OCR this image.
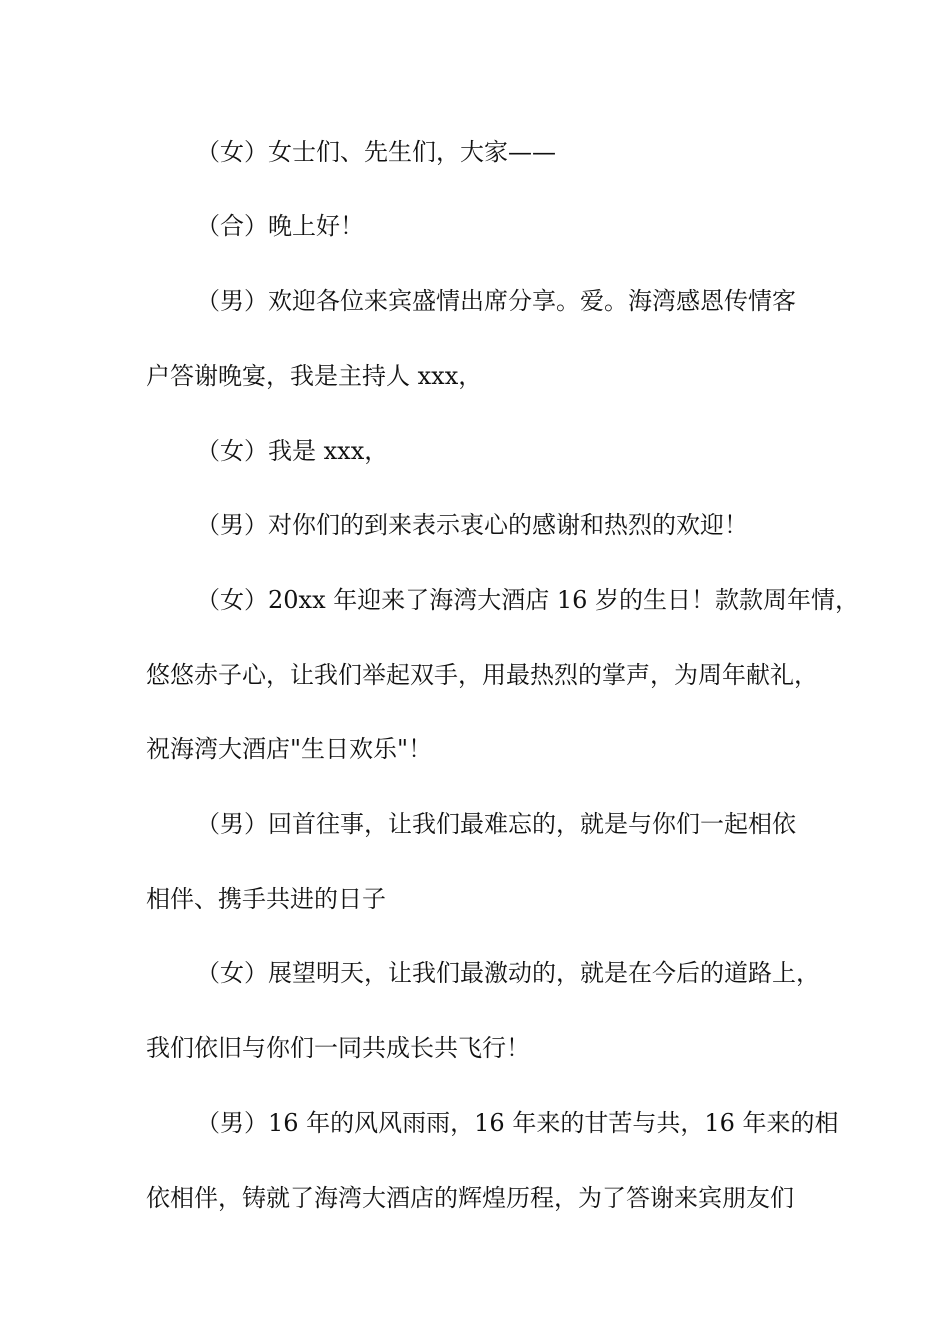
（女）女士们、先生们，大家——
（合）晚上好！
（男）欢迎各位来宾盛情出席分享。爱。海湾感恩传情客
户答谢晚宴，我是主持人 xxx，
（女）我是 xxx，
（男）对你们的到来表示衷心的感谢和热烈的欢迎！
（女）20xx 年迎来了海湾大酒店 16 岁的生日！款款周年情，
悠悠赤子心，让我们举起双手，用最热烈的掌声，为周年献礼，
祝海湾大酒店"生日欢乐"！
（男）回首往事，让我们最难忘的，就是与你们一起相依
相伴、携手共进的日子
（女）展望明天，让我们最激动的，就是在今后的道路上，
我们依旧与你们一同共成长共飞行！
（男）16 年的风风雨雨，16 年来的甘苦与共，16 年来的相
依相伴，铸就了海湾大酒店的辉煌历程，为了答谢来宾朋友们
